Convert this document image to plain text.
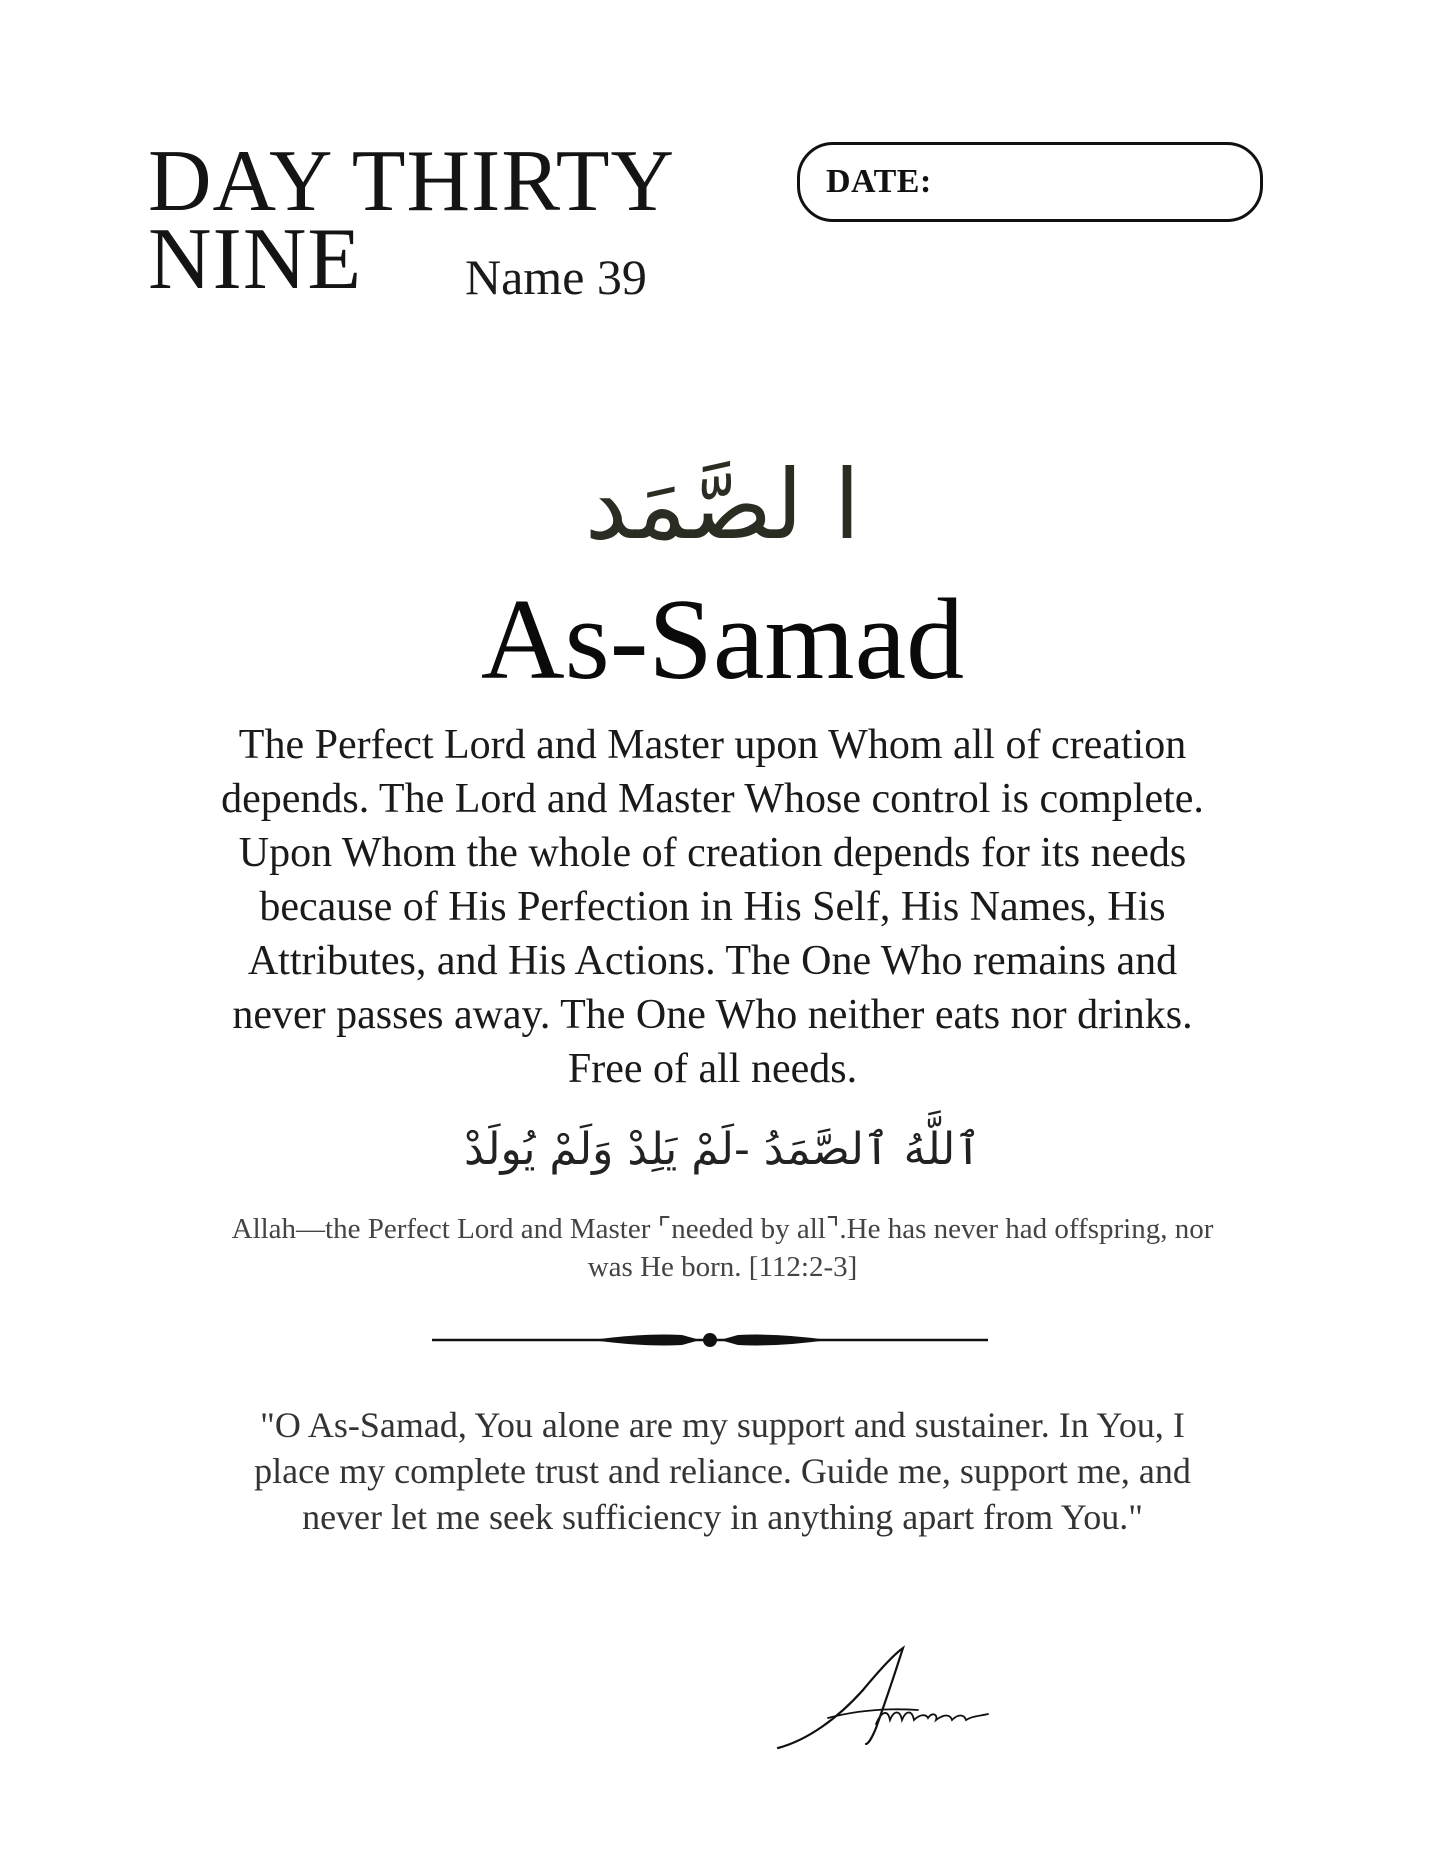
DAY THIRTY
NINE	Name 39
DATE:
ا لصَّمَد
As-Samad
The Perfect Lord and Master upon Whom all of creation
depends. The Lord and Master Whose control is complete.
Upon Whom the whole of creation depends for its needs
because of His Perfection in His Self, His Names, His
Attributes, and His Actions. The One Who remains and
never passes away. The One Who neither eats nor drinks.
Free of all needs.
ٱللَّهُ ٱلصَّمَدُ -لَمْ يَلِدْ وَلَمْ يُولَدْ
Allah—the Perfect Lord and Master ⌜needed by all⌝.He has never had offspring, nor
was He born. [112:2-3]
"O As-Samad, You alone are my support and sustainer. In You, I
place my complete trust and reliance. Guide me, support me, and
never let me seek sufficiency in anything apart from You."
